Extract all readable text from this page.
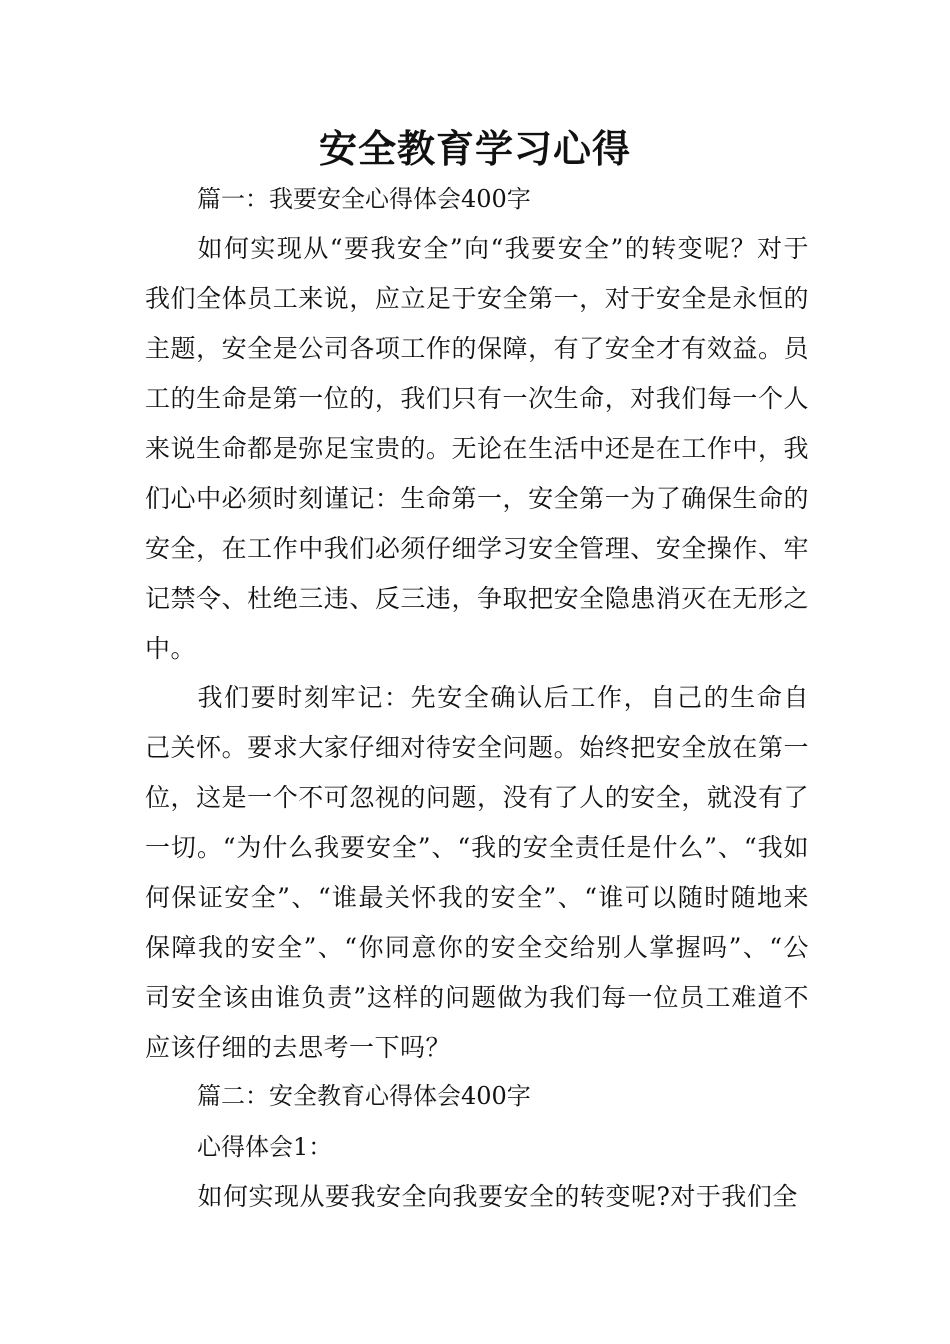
安全教育学习心得
篇一：我要安全心得体会400字
如何实现从“要我安全”向“我要安全”的转变呢？对于我们全体员工来说，应立足于安全第一，对于安全是永恒的主题，安全是公司各项工作的保障，有了安全才有效益。员工的生命是第一位的，我们只有一次生命，对我们每一个人来说生命都是弥足宝贵的。无论在生活中还是在工作中，我们心中必须时刻谨记：生命第一，安全第一为了确保生命的安全，在工作中我们必须仔细学习安全管理、安全操作、牢记禁令、杜绝三违、反三违，争取把安全隐患消灭在无形之中。
我们要时刻牢记：先安全确认后工作，自己的生命自己关怀。要求大家仔细对待安全问题。始终把安全放在第一位，这是一个不可忽视的问题，没有了人的安全，就没有了一切。“为什么我要安全”、“我的安全责任是什么”、“我如何保证安全”、“谁最关怀我的安全”、“谁可以随时随地来保障我的安全”、“你同意你的安全交给别人掌握吗”、“公司安全该由谁负责”这样的问题做为我们每一位员工难道不应该仔细的去思考一下吗？
篇二：安全教育心得体会400字
心得体会1：
如何实现从要我安全向我要安全的转变呢?对于我们全
